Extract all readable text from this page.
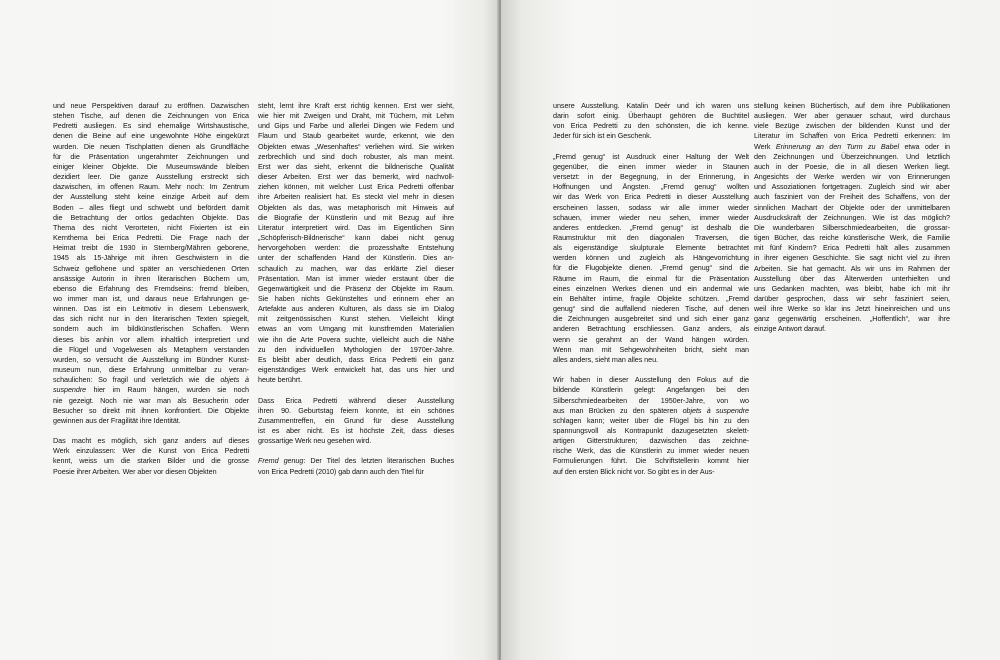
und neue Perspektiven darauf zu eröffnen. Dazwischen
stehen Tische, auf denen die Zeichnungen von Erica
Pedretti ausliegen. Es sind ehemalige Wirtshaustische,
denen die Beine auf eine ungewohnte Höhe eingekürzt
wurden. Die neuen Tischplatten dienen als Grundfläche
für die Präsentation ungerahmter Zeichnungen und
einiger kleiner Objekte. Die Museumswände bleiben
dezidiert leer. Die ganze Ausstellung erstreckt sich
dazwischen, im offenen Raum. Mehr noch: Im Zentrum
der Ausstellung steht keine einzige Arbeit auf dem
Boden – alles fliegt und schwebt und befördert damit
die Betrachtung der ortlos gedachten Objekte. Das
Thema des nicht Verorteten, nicht Fixierten ist ein
Kernthema bei Erica Pedretti. Die Frage nach der
Heimat treibt die 1930 in Sternberg/Mähren geborene,
1945 als 15-Jährige mit ihren Geschwistern in die
Schweiz geflohene und später an verschiedenen Orten
ansässige Autorin in ihren literarischen Büchern um,
ebenso die Erfahrung des Fremdseins: fremd bleiben,
wo immer man ist, und daraus neue Erfahrungen ge-
winnen. Das ist ein Leitmotiv in diesem Lebenswerk,
das sich nicht nur in den literarischen Texten spiegelt,
sondern auch im bildkünstlerischen Schaffen. Wenn
dieses bis anhin vor allem inhaltlich interpretiert und
die Flügel und Vogelwesen als Metaphern verstanden
wurden, so versucht die Ausstellung im Bündner Kunst-
museum nun, diese Erfahrung unmittelbar zu veran-
schaulichen: So fragil und verletzlich wie die objets à
suspendre hier im Raum hängen, wurden sie noch
nie gezeigt. Noch nie war man als Besucherin oder
Besucher so direkt mit ihnen konfrontiert. Die Objekte
gewinnen aus der Fragilität ihre Identität.

Das macht es möglich, sich ganz anders auf dieses
Werk einzulassen: Wer die Kunst von Erica Pedretti
kennt, weiss um die starken Bilder und die grosse
Poesie ihrer Arbeiten. Wer aber vor diesen Objekten

steht, lernt ihre Kraft erst richtig kennen. Erst wer sieht,
wie hier mit Zweigen und Draht, mit Tüchern, mit Lehm
und Gips und Farbe und allerlei Dingen wie Federn und
Flaum und Staub gearbeitet wurde, erkennt, wie den
Objekten etwas „Wesenhaftes“ verliehen wird. Sie wirken
zerbrechlich und sind doch robuster, als man meint.
Erst wer das sieht, erkennt die bildnerische Qualität
dieser Arbeiten. Erst wer das bemerkt, wird nachvoll-
ziehen können, mit welcher Lust Erica Pedretti offenbar
ihre Arbeiten realisiert hat. Es steckt viel mehr in diesen
Objekten als das, was metaphorisch mit Hinweis auf
die Biografie der Künstlerin und mit Bezug auf ihre
Literatur interpretiert wird. Das im Eigentlichen Sinn
„Schöpferisch-Bildnerische“ kann dabei nicht genug
hervorgehoben werden: die prozesshafte Entstehung
unter der schaffenden Hand der Künstlerin. Dies an-
schaulich zu machen, war das erklärte Ziel dieser
Präsentation. Man ist immer wieder erstaunt über die
Gegenwärtigkeit und die Präsenz der Objekte im Raum.
Sie haben nichts Gekünsteltes und erinnern eher an
Artefakte aus anderen Kulturen, als dass sie im Dialog
mit zeitgenössischen Kunst stehen. Vielleicht klingt
etwas an vom Umgang mit kunstfremden Materialien
wie ihn die Arte Povera suchte, vielleicht auch die Nähe
zu den individuellen Mythologien der 1970er-Jahre.
Es bleibt aber deutlich, dass Erica Pedretti ein ganz
eigenständiges Werk entwickelt hat, das uns hier und
heute berührt.

Dass Erica Pedretti während dieser Ausstellung
ihren 90. Geburtstag feiern konnte, ist ein schönes
Zusammentreffen, ein Grund für diese Ausstellung
ist es aber nicht. Es ist höchste Zeit, dass dieses
grossartige Werk neu gesehen wird.

Fremd genug: Der Titel des letzten literarischen Buches
von Erica Pedretti (2010) gab dann auch den Titel für

unsere Ausstellung. Katalin Deér und ich waren uns
darin sofort einig. Überhaupt gehören die Buchtitel
von Erica Pedretti zu den schönsten, die ich kenne.
Jeder für sich ist ein Geschenk.

„Fremd genug“ ist Ausdruck einer Haltung der Welt
gegenüber, die einen immer wieder in Staunen
versetzt: in der Begegnung, in der Erinnerung, in
Hoffnungen und Ängsten. „Fremd genug“ wollten
wir das Werk von Erica Pedretti in dieser Ausstellung
erscheinen lassen, sodass wir alle immer wieder
schauen, immer wieder neu sehen, immer wieder
anderes entdecken. „Fremd genug“ ist deshalb die
Raumstruktur mit den diagonalen Traversen, die
als eigenständige skulpturale Elemente betrachtet
werden können und zugleich als Hängevorrichtung
für die Flugobjekte dienen. „Fremd genug“ sind die
Räume im Raum, die einmal für die Präsentation
eines einzelnen Werkes dienen und ein andermal wie
ein Behälter intime, fragile Objekte schützen. „Fremd
genug“ sind die auffallend niederen Tische, auf denen
die Zeichnungen ausgebreitet sind und sich einer ganz
anderen Betrachtung erschliessen. Ganz anders, als
wenn sie gerahmt an der Wand hängen würden.
Wenn man mit Sehgewohnheiten bricht, sieht man
alles anders, sieht man alles neu.

Wir haben in dieser Ausstellung den Fokus auf die
bildende Künstlerin gelegt: Angefangen bei den
Silberschmiedearbeiten der 1950er-Jahre, von wo
aus man Brücken zu den späteren objets à suspendre
schlagen kann; weiter über die Flügel bis hin zu den
spannungsvoll als Kontrapunkt dazugesetzten skelett-
artigen Gitterstrukturen; dazwischen das zeichne-
rische Werk, das die Künstlerin zu immer wieder neuen
Formulierungen führt. Die Schriftstellerin kommt hier
auf den ersten Blick nicht vor. So gibt es in der Aus-

stellung keinen Büchertisch, auf dem ihre Publikationen
ausliegen. Wer aber genauer schaut, wird durchaus
viele Bezüge zwischen der bildenden Kunst und der
Literatur im Schaffen von Erica Pedretti erkennen: Im
Werk Erinnerung an den Turm zu Babel etwa oder in
den Zeichnungen und Überzeichnungen. Und letztlich
auch in der Poesie, die in all diesen Werken liegt.
Angesichts der Werke werden wir von Erinnerungen
und Assoziationen fortgetragen. Zugleich sind wir aber
auch fasziniert von der Freiheit des Schaffens, von der
sinnlichen Machart der Objekte oder der unmittelbaren
Ausdruckskraft der Zeichnungen. Wie ist das möglich?
Die wunderbaren Silberschmiedearbeiten, die grossar-
tigen Bücher, das reiche künstlerische Werk, die Familie
mit fünf Kindern? Erica Pedretti hält alles zusammen
in ihrer eigenen Geschichte. Sie sagt nicht viel zu ihren
Arbeiten. Sie hat gemacht. Als wir uns im Rahmen der
Ausstellung über das Älterwerden unterhielten und
uns Gedanken machten, was bleibt, habe ich mit ihr
darüber gesprochen, dass wir sehr fasziniert seien,
weil ihre Werke so klar ins Jetzt hineinreichen und uns
ganz gegenwärtig erscheinen. „Hoffentlich“, war ihre
einzige Antwort darauf.
